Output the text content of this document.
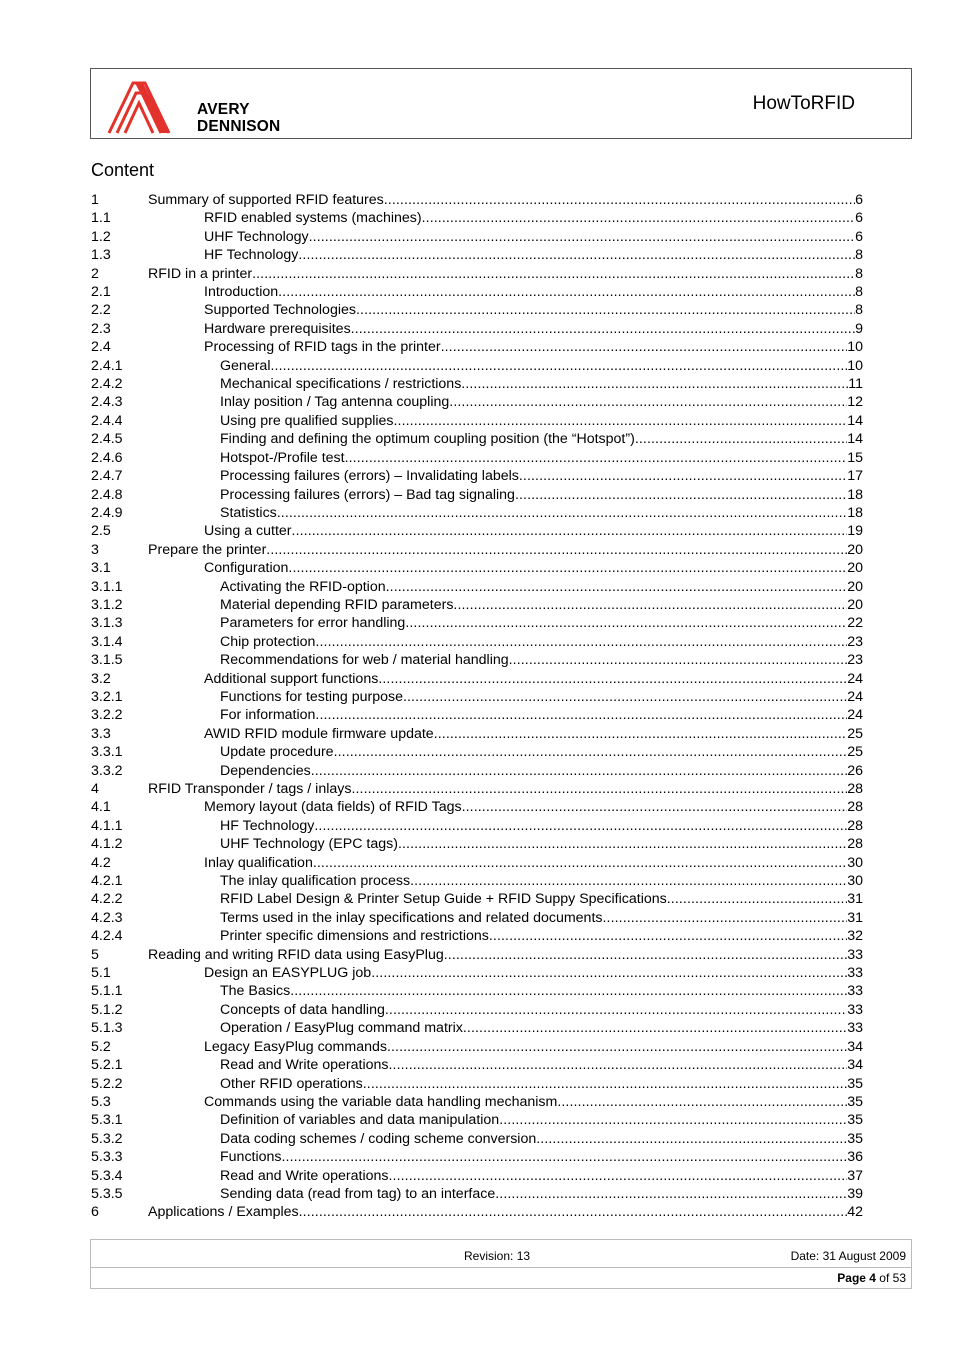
AVERY
DENNISON
HowToRFID
Content
1	Summary of supported RFID features .....	6
1.1	RFID enabled systems (machines) .....	6
1.2	UHF Technology .....	6
1.3	HF Technology .....	8
2	RFID in a printer .....	8
2.1	Introduction .....	8
2.2	Supported Technologies .....	8
2.3	Hardware prerequisites .....	9
2.4	Processing of RFID tags in the printer .....	10
2.4.1	General .....	10
2.4.2	Mechanical specifications / restrictions .....	11
2.4.3	Inlay position / Tag antenna coupling .....	12
2.4.4	Using pre qualified supplies .....	14
2.4.5	Finding and defining the optimum coupling position (the “Hotspot”) .....	14
2.4.6	Hotspot-/Profile test .....	15
2.4.7	Processing failures (errors) – Invalidating labels .....	17
2.4.8	Processing failures (errors) – Bad tag signaling .....	18
2.4.9	Statistics .....	18
2.5	Using a cutter .....	19
3	Prepare the printer .....	20
3.1	Configuration .....	20
3.1.1	Activating the RFID-option .....	20
3.1.2	Material depending RFID parameters .....	20
3.1.3	Parameters for error handling .....	22
3.1.4	Chip protection .....	23
3.1.5	Recommendations for web / material handling .....	23
3.2	Additional support functions .....	24
3.2.1	Functions for testing purpose .....	24
3.2.2	For information .....	24
3.3	AWID RFID module firmware update .....	25
3.3.1	Update procedure .....	25
3.3.2	Dependencies .....	26
4	RFID Transponder / tags / inlays .....	28
4.1	Memory layout (data fields) of RFID Tags .....	28
4.1.1	HF Technology .....	28
4.1.2	UHF Technology (EPC tags) .....	28
4.2	Inlay qualification .....	30
4.2.1	The inlay qualification process .....	30
4.2.2	RFID Label Design & Printer Setup Guide + RFID Suppy Specifications .....	31
4.2.3	Terms used in the inlay specifications and related documents .....	31
4.2.4	Printer specific dimensions and restrictions .....	32
5	Reading and writing RFID data using EasyPlug .....	33
5.1	Design an EASYPLUG job .....	33
5.1.1	The Basics .....	33
5.1.2	Concepts of data handling .....	33
5.1.3	Operation / EasyPlug command matrix .....	33
5.2	Legacy EasyPlug commands .....	34
5.2.1	Read and Write operations .....	34
5.2.2	Other RFID operations .....	35
5.3	Commands using the variable data handling mechanism .....	35
5.3.1	Definition of variables and data manipulation .....	35
5.3.2	Data coding schemes / coding scheme conversion .....	35
5.3.3	Functions .....	36
5.3.4	Read and Write operations .....	37
5.3.5	Sending data (read from tag) to an interface .....	39
6	Applications / Examples .....	42
Revision: 13	Date: 31 August 2009
Page 4 of 53
